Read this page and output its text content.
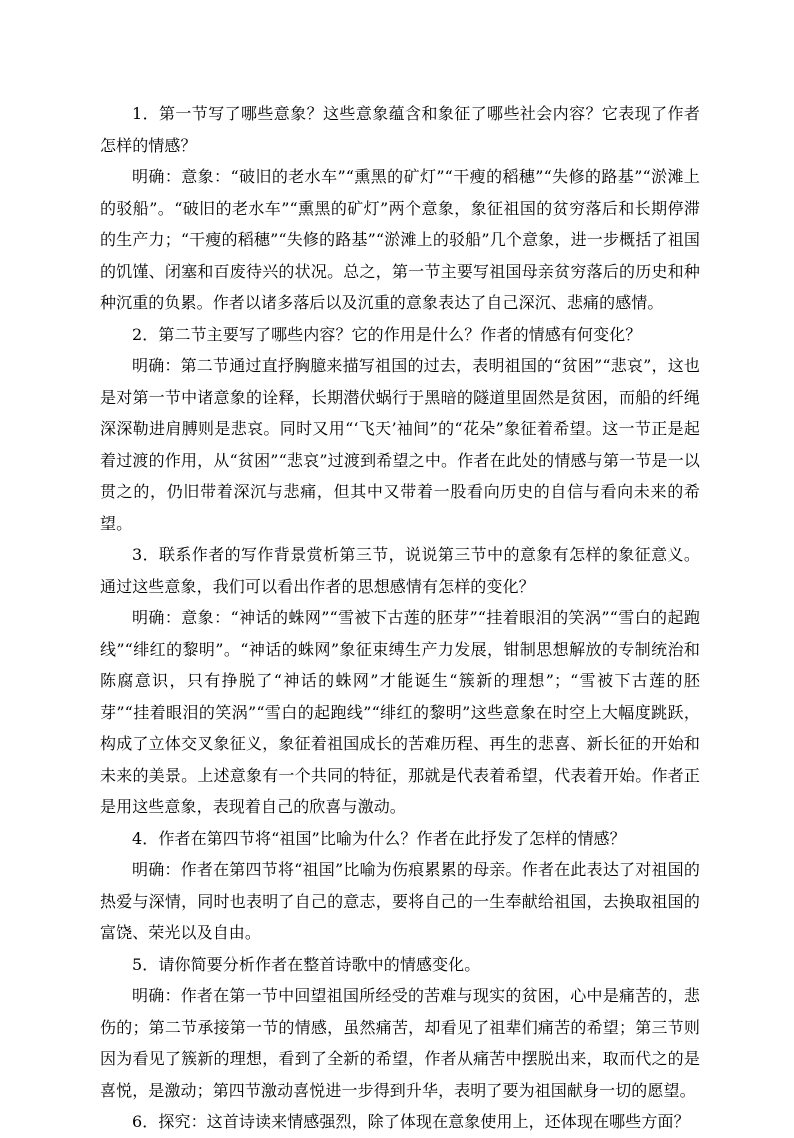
1．第一节写了哪些意象？这些意象蕴含和象征了哪些社会内容？它表现了作者怎样的情感？

明确：意象：“破旧的老水车”“熏黑的矿灯”“干瘦的稻穗”“失修的路基”“淤滩上的驳船”。“破旧的老水车”“熏黑的矿灯”两个意象，象征祖国的贫穷落后和长期停滞的生产力；“干瘦的稻穗”“失修的路基”“淤滩上的驳船”几个意象，进一步概括了祖国的饥馑、闭塞和百废待兴的状况。总之，第一节主要写祖国母亲贫穷落后的历史和种种沉重的负累。作者以诸多落后以及沉重的意象表达了自己深沉、悲痛的感情。

2．第二节主要写了哪些内容？它的作用是什么？作者的情感有何变化？

明确：第二节通过直抒胸臆来描写祖国的过去，表明祖国的“贫困”“悲哀”，这也是对第一节中诸意象的诠释，长期潜伏蜗行于黑暗的隧道里固然是贫困，而船的纤绳深深勒进肩膊则是悲哀。同时又用“‘飞天’袖间”的“花朵”象征着希望。这一节正是起着过渡的作用，从“贫困”“悲哀”过渡到希望之中。作者在此处的情感与第一节是一以贯之的，仍旧带着深沉与悲痛，但其中又带着一股看向历史的自信与看向未来的希望。

3．联系作者的写作背景赏析第三节，说说第三节中的意象有怎样的象征意义。通过这些意象，我们可以看出作者的思想感情有怎样的变化？

明确：意象：“神话的蛛网”“雪被下古莲的胚芽”“挂着眼泪的笑涡”“雪白的起跑线”“绯红的黎明”。“神话的蛛网”象征束缚生产力发展，钳制思想解放的专制统治和陈腐意识，只有挣脱了“神话的蛛网”才能诞生“簇新的理想”；“雪被下古莲的胚芽”“挂着眼泪的笑涡”“雪白的起跑线”“绯红的黎明”这些意象在时空上大幅度跳跃，构成了立体交叉象征义，象征着祖国成长的苦难历程、再生的悲喜、新长征的开始和未来的美景。上述意象有一个共同的特征，那就是代表着希望，代表着开始。作者正是用这些意象，表现着自己的欣喜与激动。

4．作者在第四节将“祖国”比喻为什么？作者在此抒发了怎样的情感？

明确：作者在第四节将“祖国”比喻为伤痕累累的母亲。作者在此表达了对祖国的热爱与深情，同时也表明了自己的意志，要将自己的一生奉献给祖国，去换取祖国的富饶、荣光以及自由。

5．请你简要分析作者在整首诗歌中的情感变化。

明确：作者在第一节中回望祖国所经受的苦难与现实的贫困，心中是痛苦的，悲伤的；第二节承接第一节的情感，虽然痛苦，却看见了祖辈们痛苦的希望；第三节则因为看见了簇新的理想，看到了全新的希望，作者从痛苦中摆脱出来，取而代之的是喜悦，是激动；第四节激动喜悦进一步得到升华，表明了要为祖国献身一切的愿望。

6．探究：这首诗读来情感强烈，除了体现在意象使用上，还体现在哪些方面？
